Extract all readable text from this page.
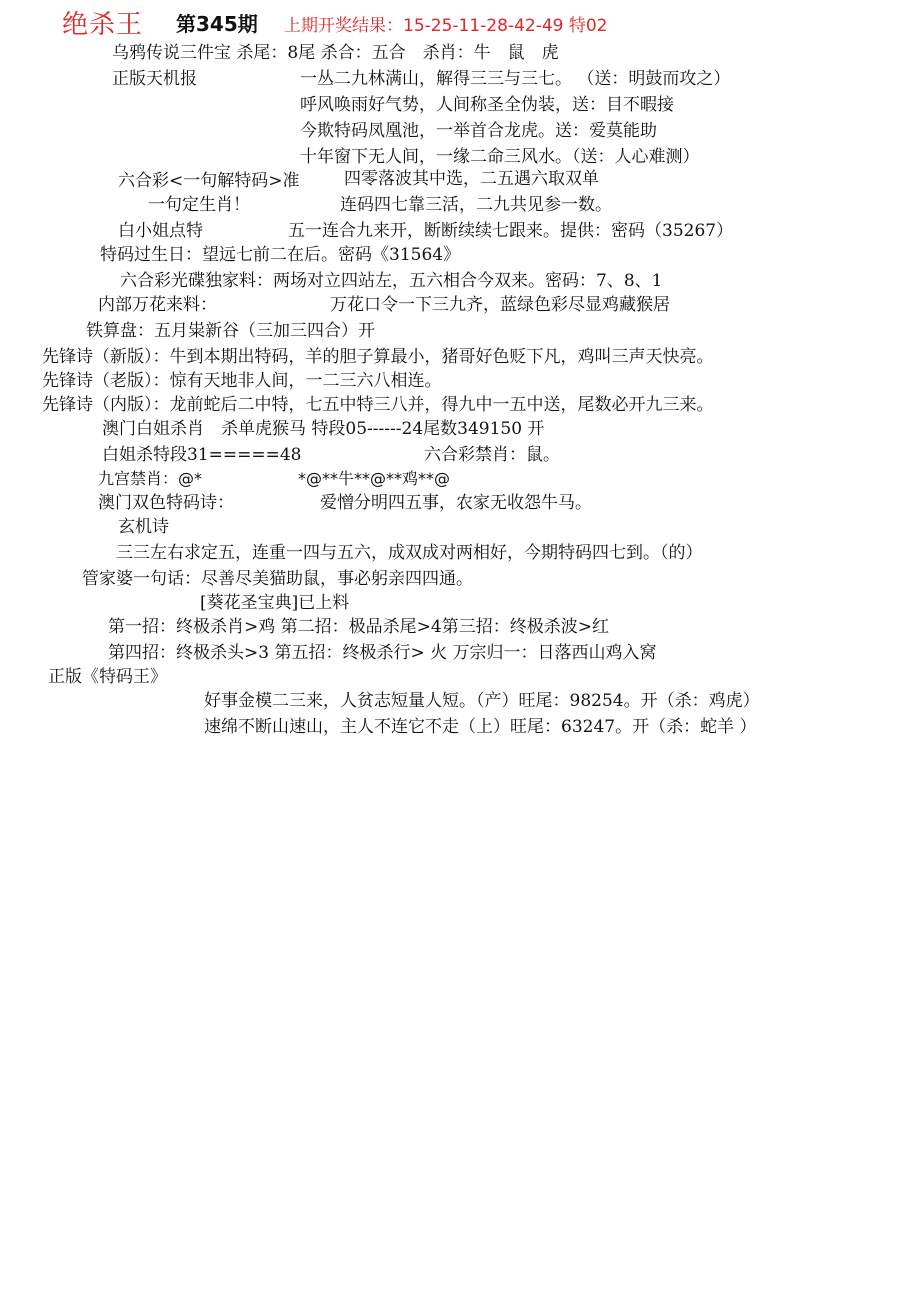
绝杀王 第345期 上期开奖结果：15-25-11-28-42-49 特02
乌鸦传说三件宝 杀尾：8尾 杀合：五合　杀肖：牛　鼠　虎
正版天机报	一丛二九林满山，解得三三与三七。 （送：明鼓而攻之）
呼风唤雨好气势，人间称圣全伪装，送：目不暇接
今欺特码凤凰池，一举首合龙虎。送：爱莫能助
十年窗下无人间，一缘二命三风水。（送：人心难测）
六合彩<一句解特码>准	四零落波其中选，二五遇六取双单
一句定生肖！	连码四七靠三活，二九共见参一数。
白小姐点特	五一连合九来开，断断续续七跟来。提供：密码（35267）
特码过生日：望远七前二在后。密码《31564》
六合彩光碟独家料：两场对立四站左，五六相合今双来。密码：7、8、1
内部万花来料：	万花口令一下三九齐，蓝绿色彩尽显鸡藏猴居
铁算盘：五月粜新谷（三加三四合）开
先锋诗（新版）：牛到本期出特码，羊的胆子算最小，猪哥好色贬下凡，鸡叫三声天快亮。
先锋诗（老版）：惊有天地非人间，一二三六八相连。
先锋诗（内版）：龙前蛇后二中特，七五中特三八并，得九中一五中送，尾数必开九三来。
澳门白姐杀肖　杀单虎猴马 特段05------24尾数349150 开
白姐杀特段31=====48	六合彩禁肖：鼠。
九宫禁肖：@*	*@**牛**@**鸡**@
澳门双色特码诗：	爱憎分明四五事，农家无收怨牛马。
玄机诗
三三左右求定五，连重一四与五六，成双成对两相好，今期特码四七到。（的）
管家婆一句话：尽善尽美猫助鼠，事必躬亲四四通。
[葵花圣宝典]已上料
第一招：终极杀肖>鸡 第二招：极品杀尾>4第三招：终极杀波>红
第四招：终极杀头>3 第五招：终极杀行> 火 万宗归一：日落西山鸡入窝
正版《特码王》
好事金模二三来，人贫志短量人短。（产）旺尾：98254。开（杀：鸡虎）
速绵不断山速山，主人不连它不走（上）旺尾：63247。开（杀：蛇羊 ）
